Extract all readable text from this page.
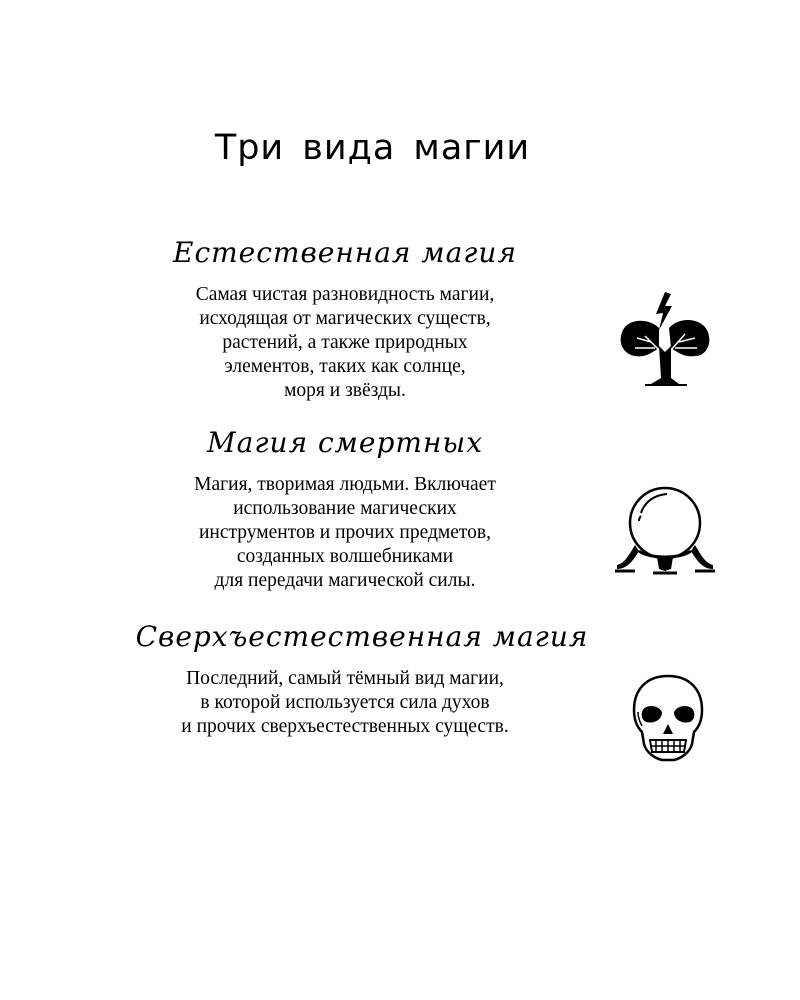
Три вида магии
Естественная магия
Самая чистая разновидность магии,
исходящая от магических существ,
растений, а также природных
элементов, таких как солнце,
моря и звёзды.
Магия смертных
Магия, творимая людьми. Включает
использование магических
инструментов и прочих предметов,
созданных волшебниками
для передачи магической силы.
Сверхъестественная магия
Последний, самый тёмный вид магии,
в которой используется сила духов
и прочих сверхъестественных существ.
